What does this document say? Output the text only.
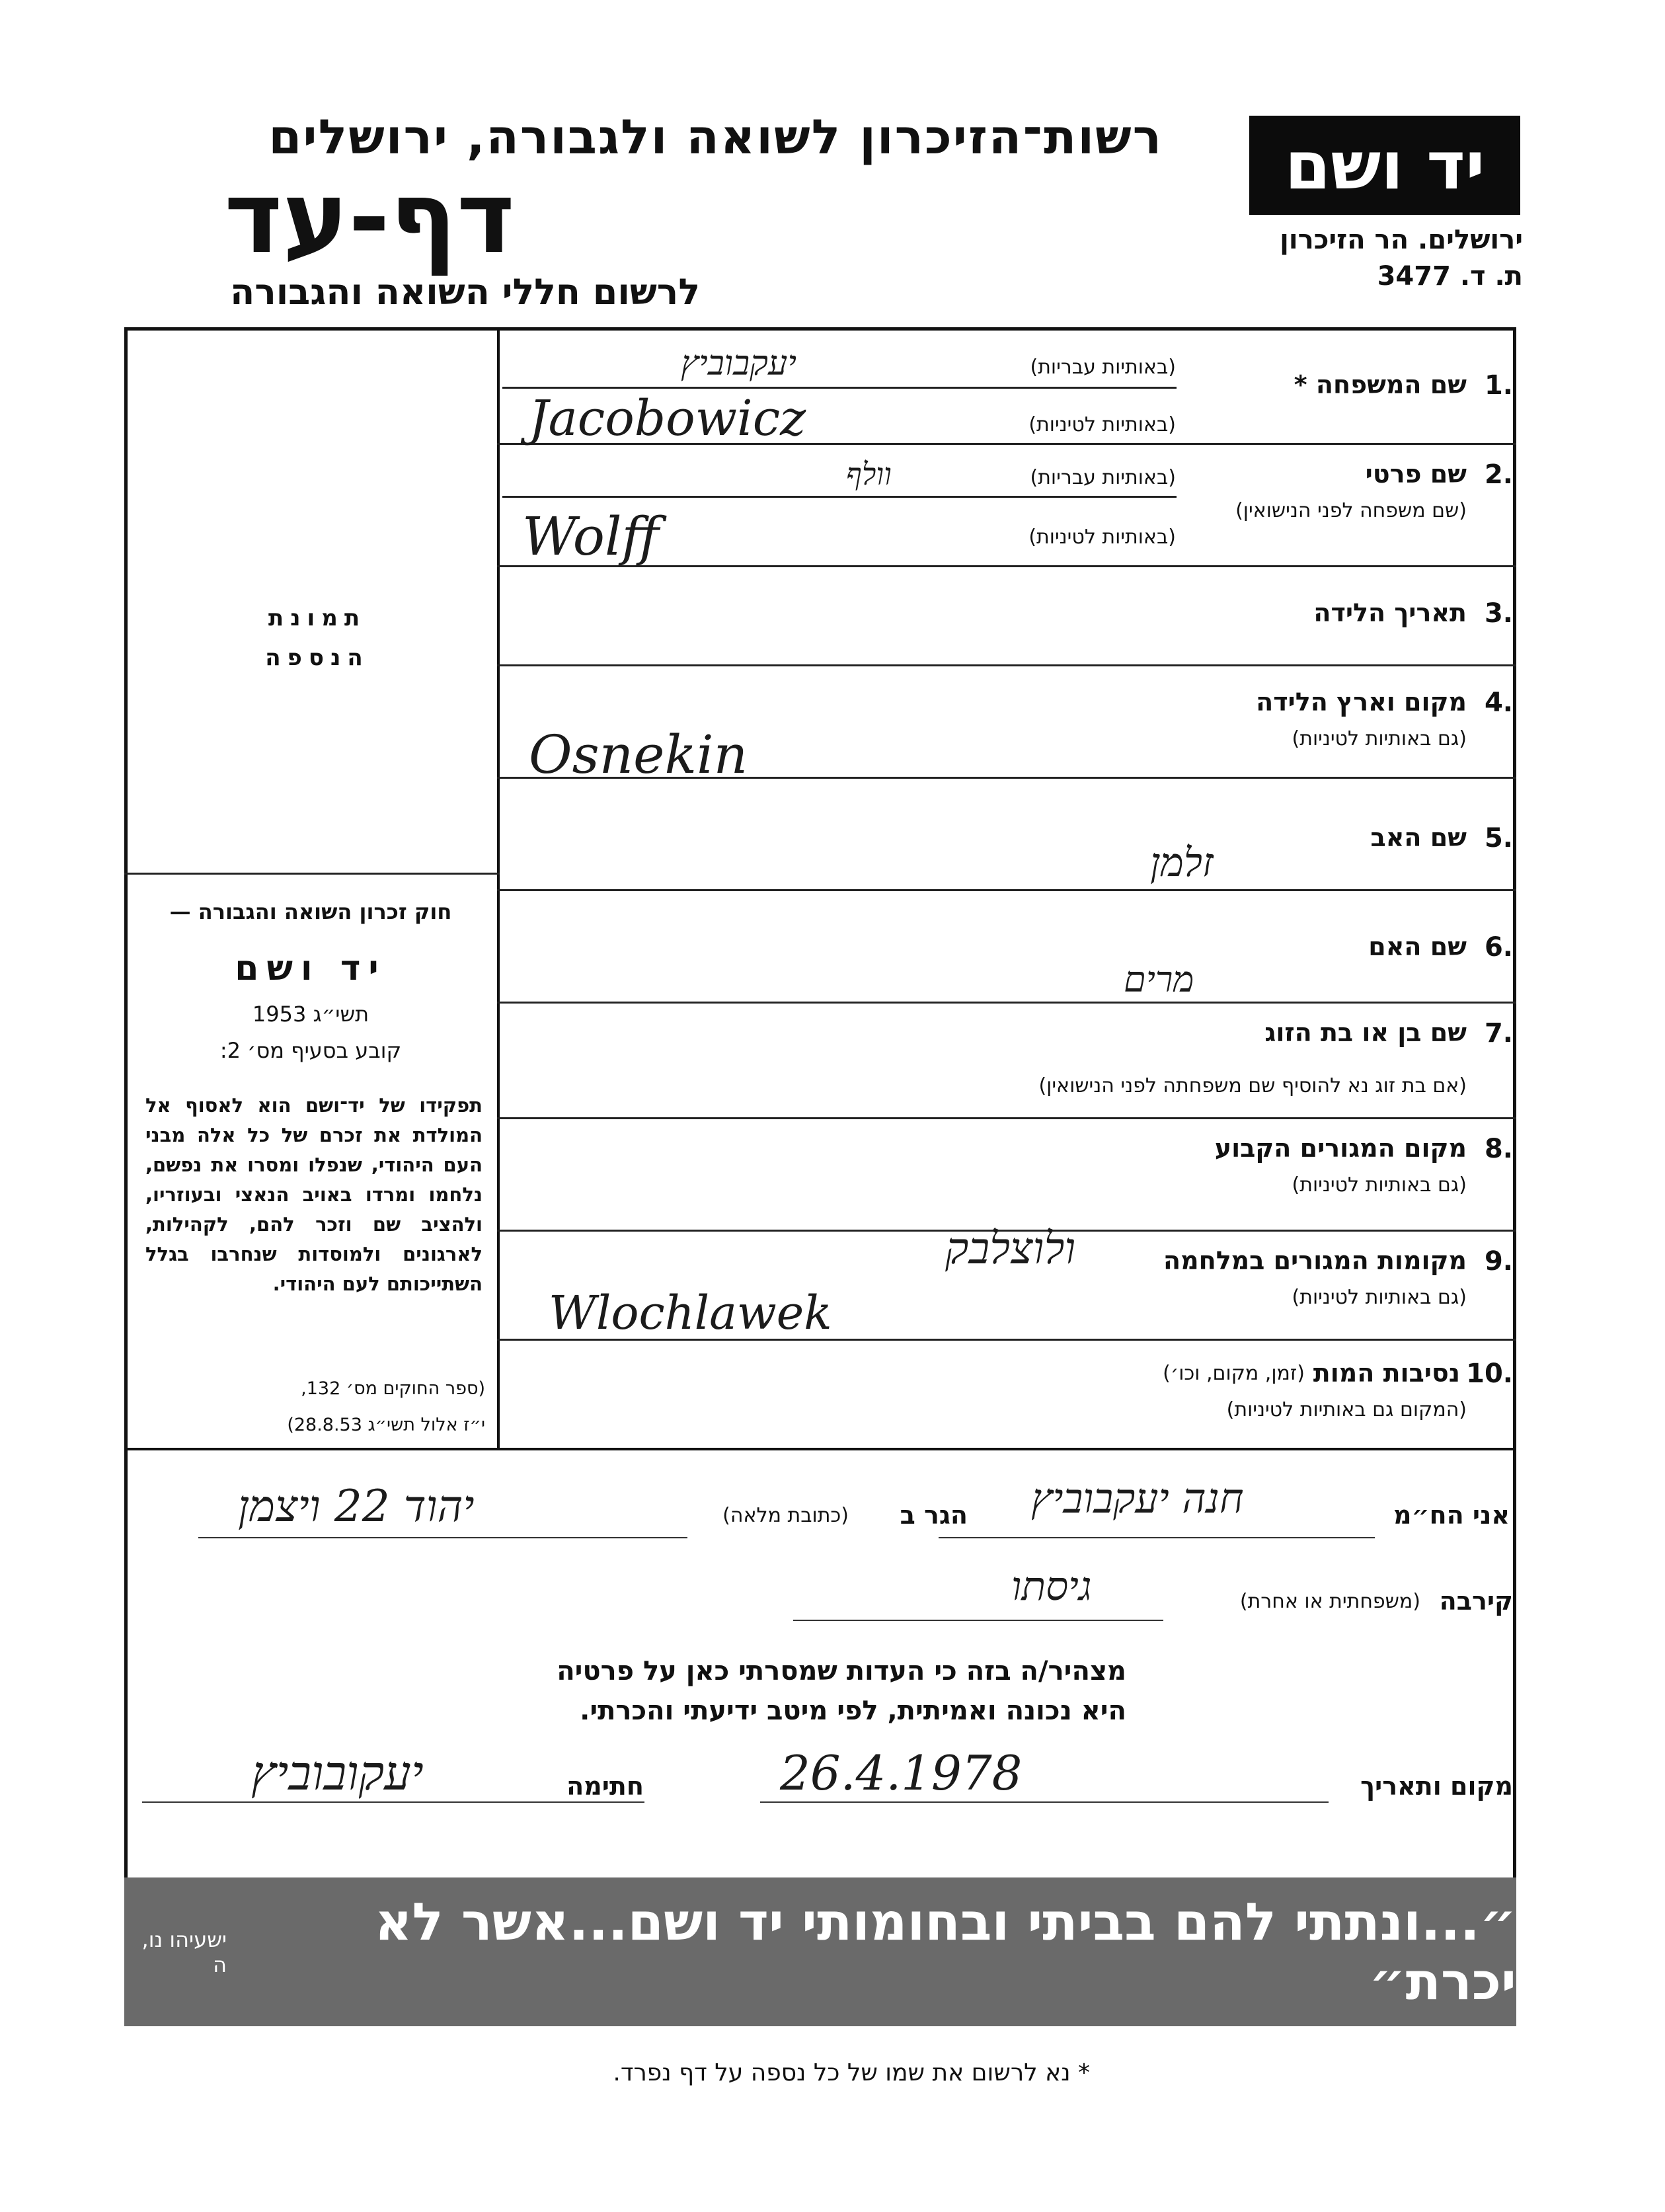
רשות־הזיכרון לשואה ולגבורה, ירושלים
דף-עד
לרשום חללי השואה והגבורה
יד ושם
ירושלים. הר הזיכרון
ת. ד. 3477
1.
שם המשפחה *
(באותיות עבריות)
(באותיות לטיניות)
יעקבוביץ
Jacobowicz
2.
שם פרטי
(שם משפחה לפני הנישואין)
(באותיות עבריות)
(באותיות לטיניות)
וולף
Wolff
3.
תאריך הלידה
4.
מקום וארץ הלידה
(גם באותיות לטיניות)
Osnekin
5.
שם האב
זלמן
6.
שם האם
מרים
7.
שם בן או בת הזוג
(אם בת זוג נא להוסיף שם משפחתה לפני הנישואין)
8.
מקום המגורים הקבוע
(גם באותיות לטיניות)
9.
מקומות המגורים במלחמה
(גם באותיות לטיניות)
ולוצלבק
Wlochlawek
10.
נסיבות המות
(זמן, מקום, וכו׳)
(המקום גם באותיות לטיניות)
תמונת
הנספה
חוק זכרון השואה והגבורה —
יד ושם
תשי״ג 1953
קובע בסעיף מס׳ 2:
תפקידו של יד־ושם הוא לאסוף אל המולדת את זכרם של כל אלה מבני העם היהודי, שנפלו ומסרו את נפשם, נלחמו ומרדו באויב הנאצי ובעוזריו, ולהציב שם וזכר להם, לקהילות, לארגונים ולמוסדות שנחרבו בגלל השתייכותם לעם היהודי.
(ספר החוקים מס׳ 132,
י״ז אלול תשי״ג 28.8.53)
אני הח״מ
חנה יעקבוביץ
הגר ב
(כתובת מלאה)
יהוד 22 ויצמן
קירבה
(משפחתית או אחרת)
גיסתו
מצהיר/ה בזה כי העדות שמסרתי כאן על פרטיה
היא נכונה ואמיתית, לפי מיטב ידיעתי והכרתי.
מקום ותאריך
26.4.1978
חתימה
יעקובוביץ
״...ונתתי להם בביתי ובחומותי יד ושם...אשר לא יכרת״
ישעיהו נו, ה
* נא לרשום את שמו של כל נספה על דף נפרד.
